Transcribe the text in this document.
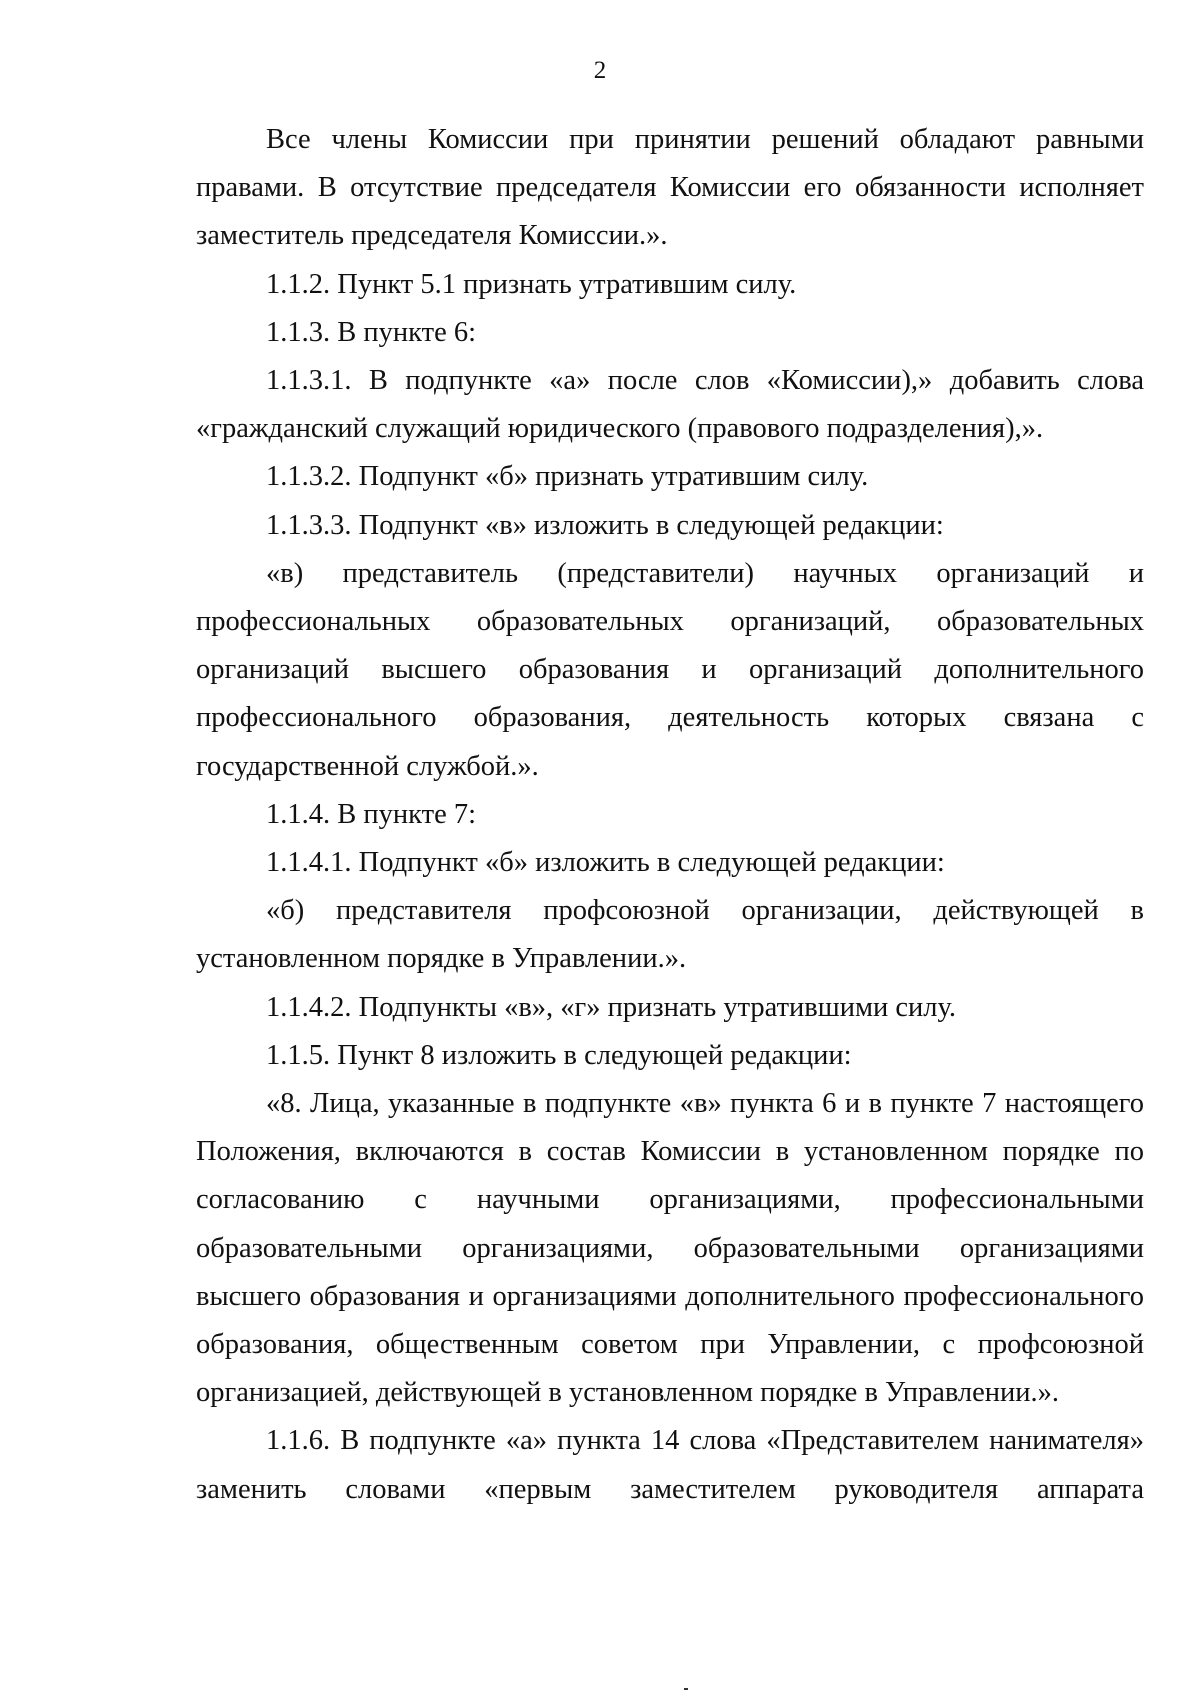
2

Все члены Комиссии при принятии решений обладают равными правами. В отсутствие председателя Комиссии его обязанности исполняет заместитель председателя Комиссии.».

1.1.2. Пункт 5.1 признать утратившим силу.

1.1.3. В пункте 6:

1.1.3.1. В подпункте «а» после слов «Комиссии),» добавить слова «гражданский служащий юридического (правового подразделения),».

1.1.3.2. Подпункт «б» признать утратившим силу.

1.1.3.3. Подпункт «в» изложить в следующей редакции:

«в) представитель (представители) научных организаций и профессиональных образовательных организаций, образовательных организаций высшего образования и организаций дополнительного профессионального образования, деятельность которых связана с государственной службой.».

1.1.4. В пункте 7:

1.1.4.1. Подпункт «б» изложить в следующей редакции:

«б) представителя профсоюзной организации, действующей в установленном порядке в Управлении.».

1.1.4.2. Подпункты «в», «г» признать утратившими силу.

1.1.5. Пункт 8 изложить в следующей редакции:

«8. Лица, указанные в подпункте «в» пункта 6 и в пункте 7 настоящего Положения, включаются в состав Комиссии в установленном порядке по согласованию с научными организациями, профессиональными образовательными организациями, образовательными организациями высшего образования и организациями дополнительного профессионального образования, общественным советом при Управлении, с профсоюзной организацией, действующей в установленном порядке в Управлении.».

1.1.6. В подпункте «а» пункта 14 слова «Представителем нанимателя» заменить словами «первым заместителем руководителя аппарата
